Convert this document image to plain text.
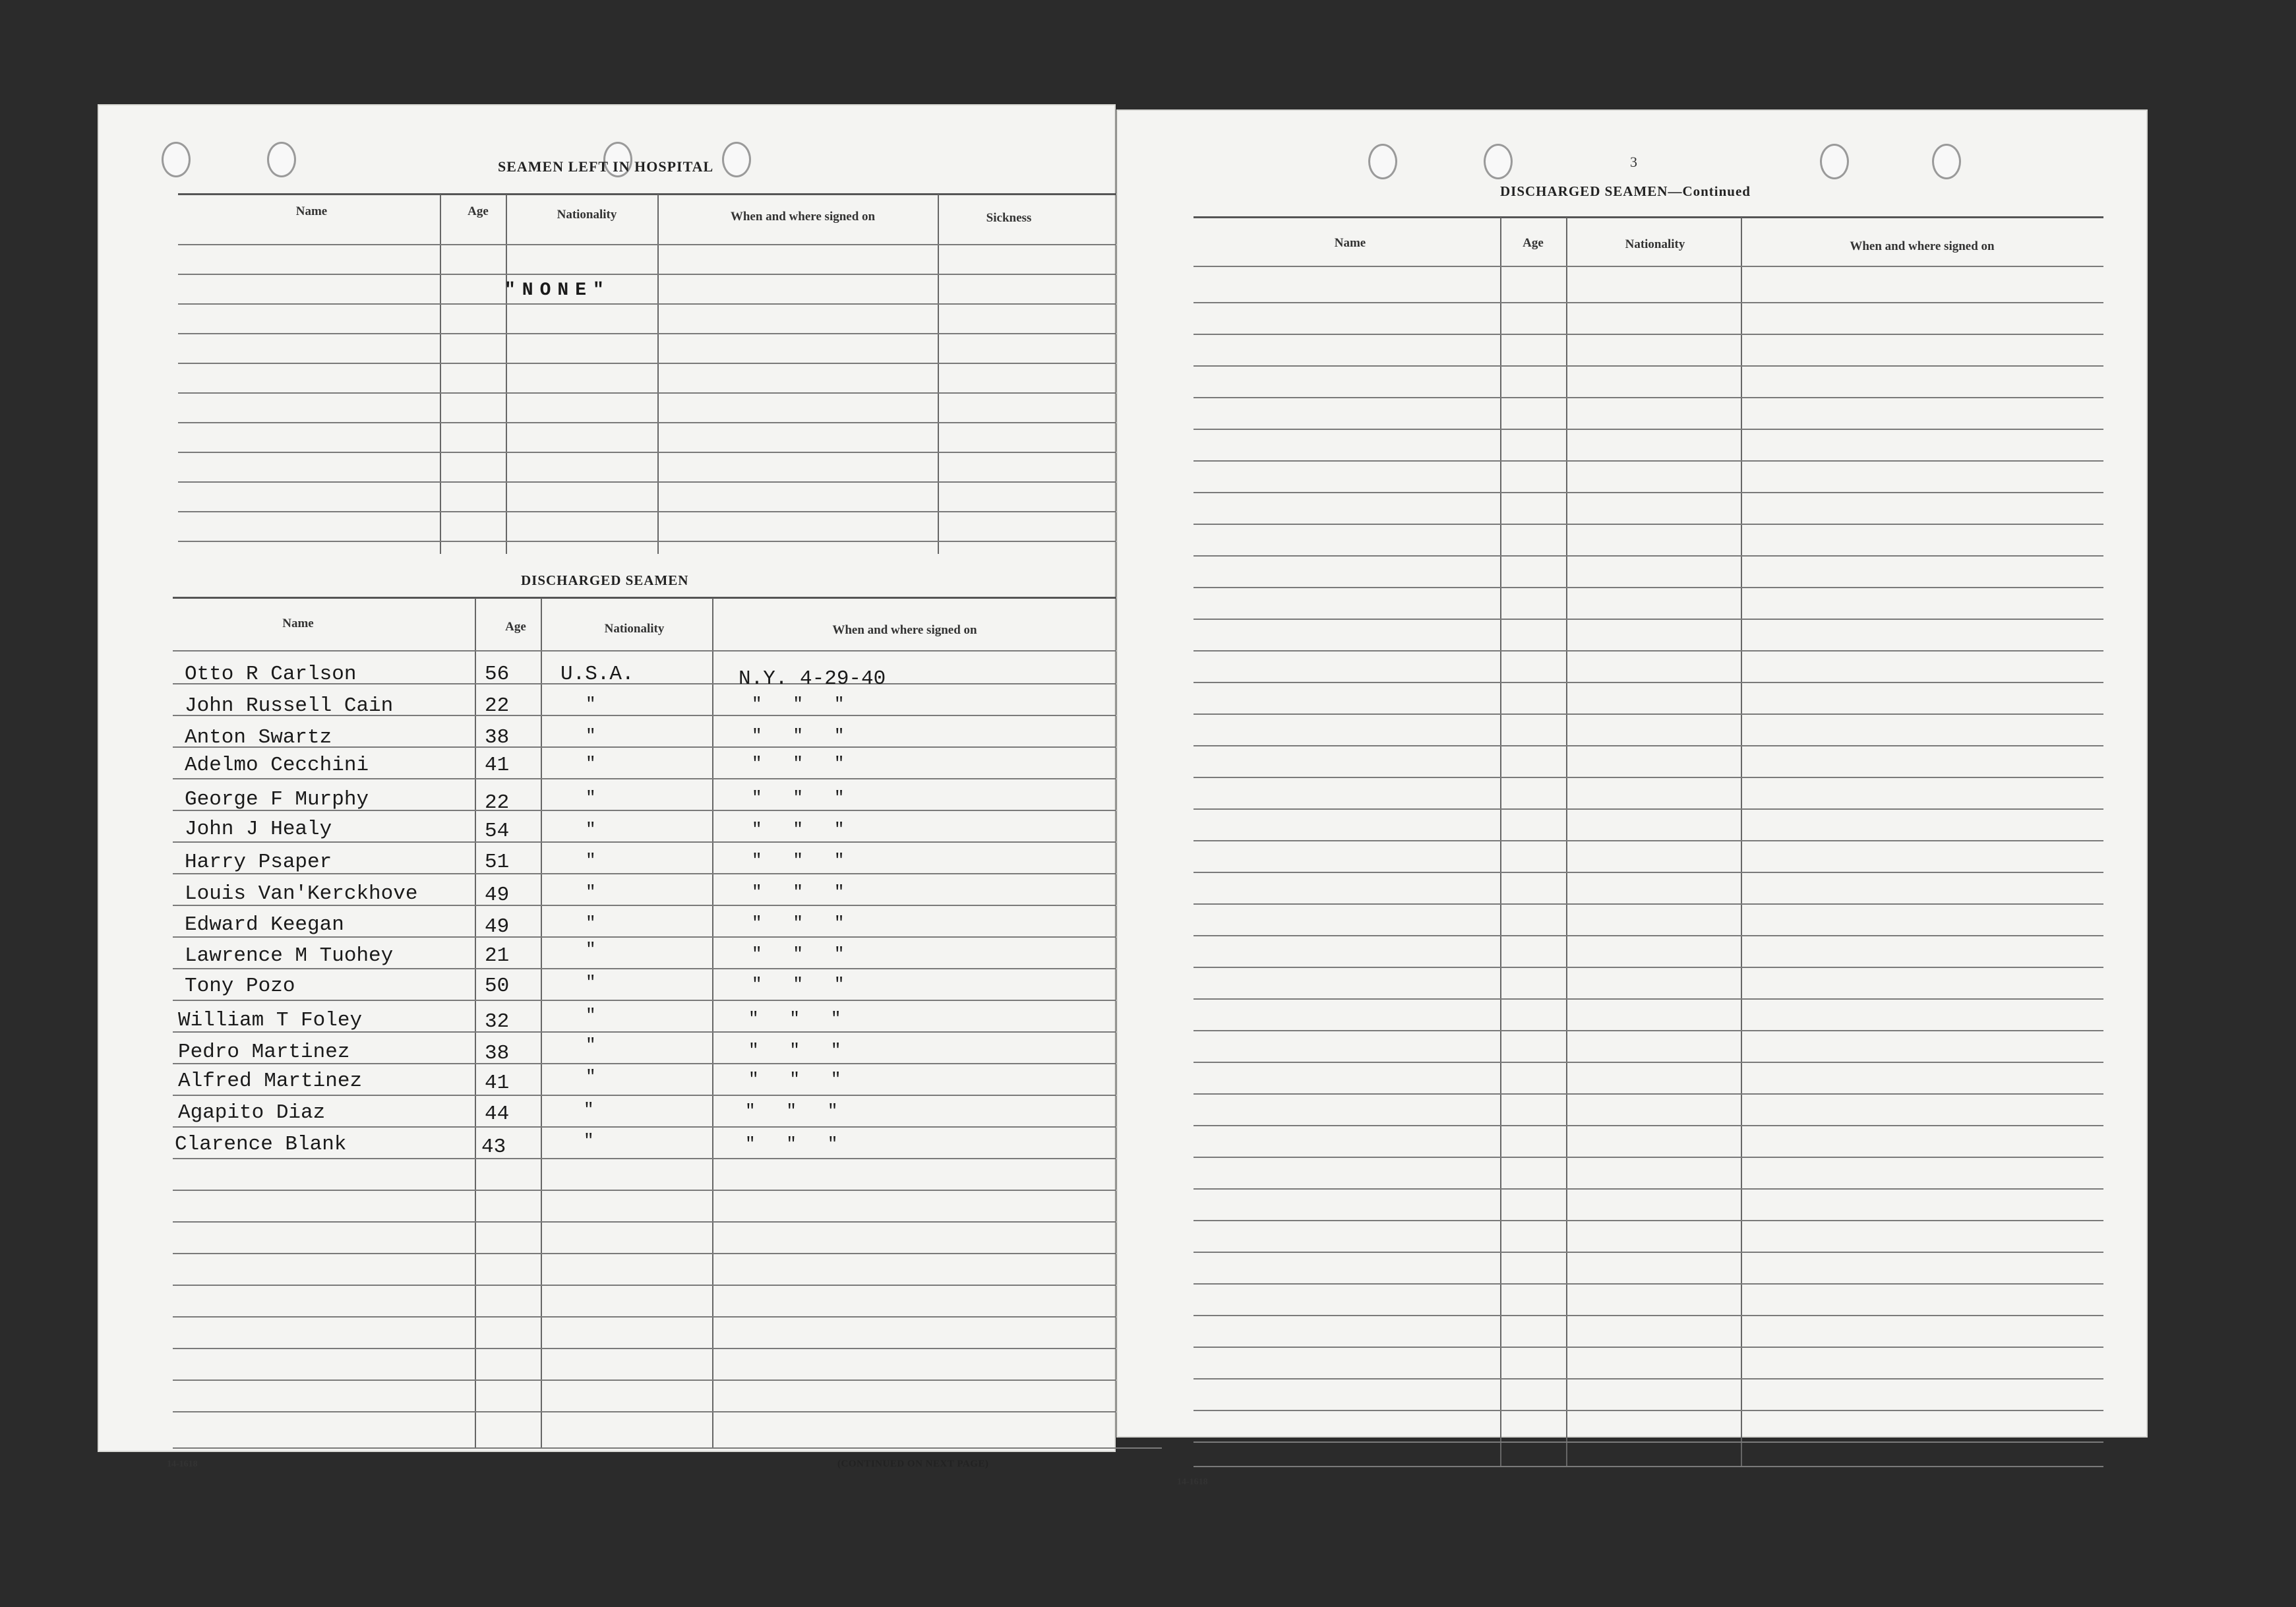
SEAMEN LEFT IN HOSPITAL
Name	Age	Nationality	When and where signed on	Sickness
"NONE"
DISCHARGED SEAMEN
Name	Age	Nationality	When and where signed on
Otto R Carlson	56	U.S.A.	N.Y. 4-29-40
John Russell Cain	22	"	"   "   "
Anton Swartz	38	"	"   "   "
Adelmo Cecchini	41	"	"   "   "
George F Murphy	22	"	"   "   "
John J Healy	54	"	"   "   "
Harry Psaper	51	"	"   "   "
Louis Van'Kerckhove	49	"	"   "   "
Edward Keegan	49	"	"   "   "
Lawrence M Tuohey	21	"	"   "   "
Tony Pozo	50	"	"   "   "
William T Foley	32	"	"   "   "
Pedro Martinez	38	"	"   "   "
Alfred Martinez	41	"	"   "   "
Agapito Diaz	44	"	"   "   "
Clarence Blank	43	"	"   "   "
14-1618	(CONTINUED ON NEXT PAGE)
3
DISCHARGED SEAMEN—Continued
Name	Age	Nationality	When and where signed on
14-1618
